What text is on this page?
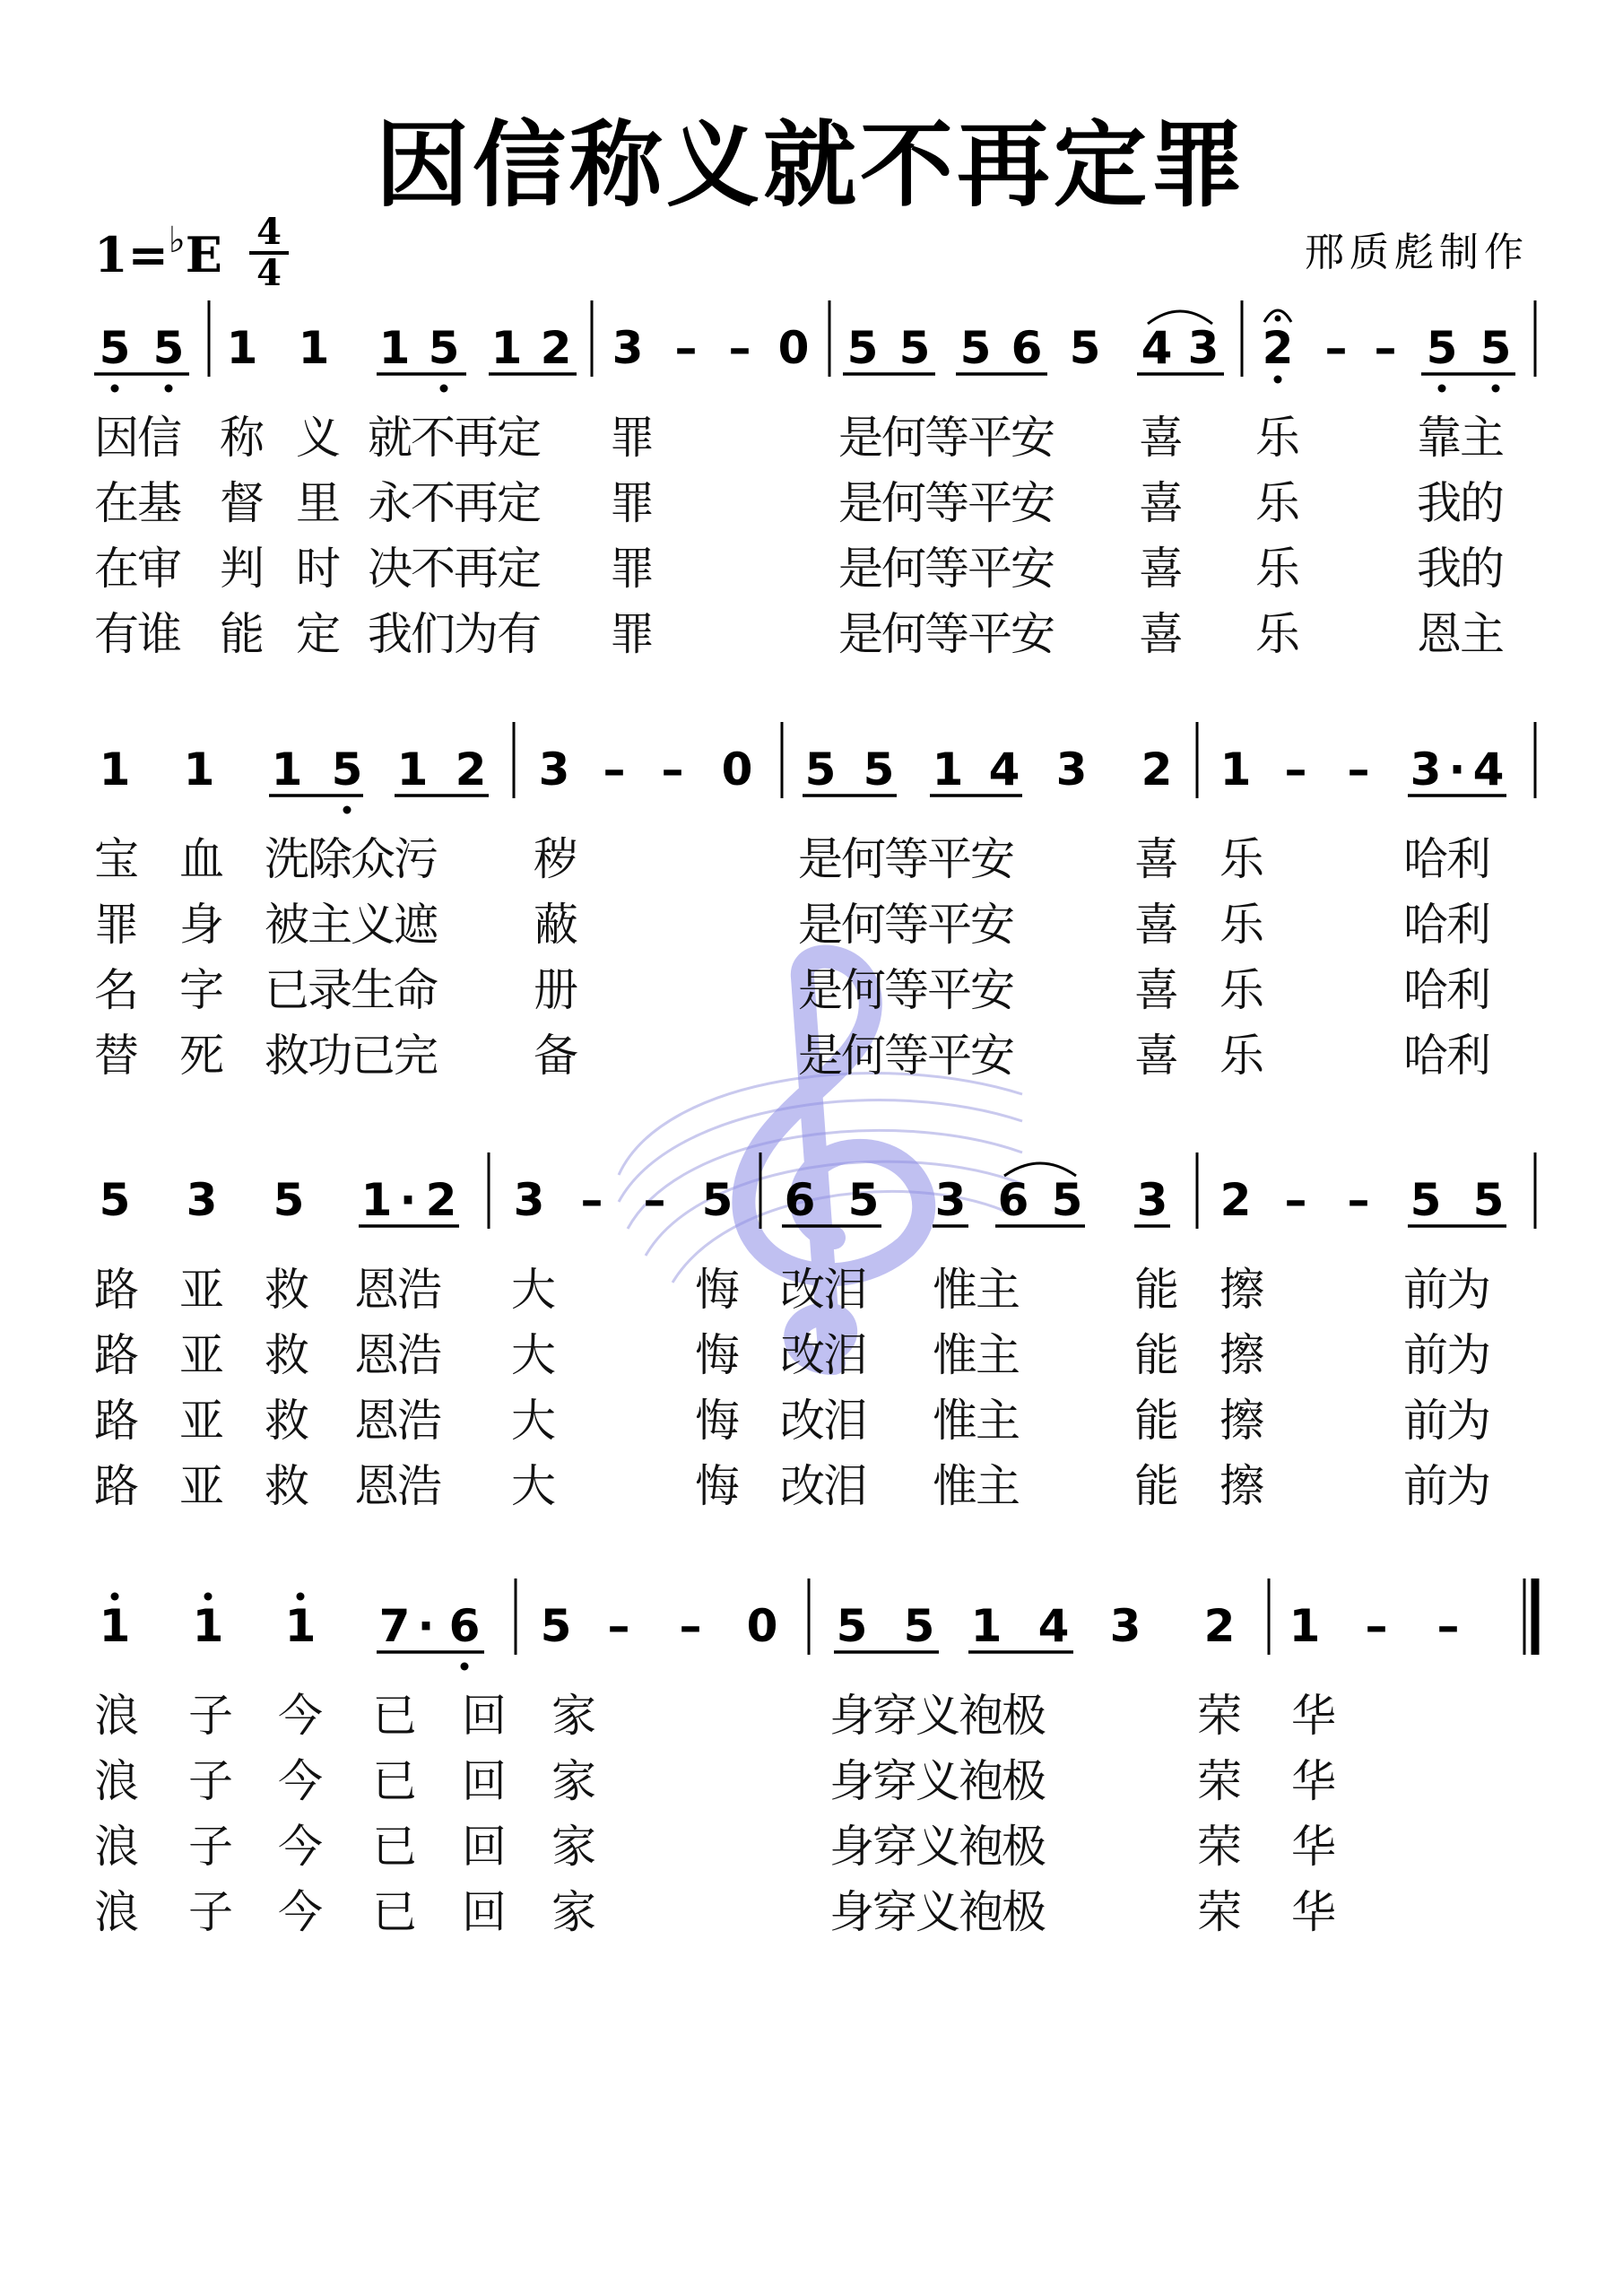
因信称义就不再定罪
1=♭E 4
4	邢质彪制作
5 5 1 1 1 5 1 2 3 – – 0 5 5 5 6 5 4 3 2 – – 5 5
因信 称 义 就不再定 罪	是何等平安 喜 乐	靠主
在基 督 里 永不再定 罪	是何等平安 喜 乐	我的
在审 判 时 决不再定 罪	是何等平安 喜 乐	我的
有谁 能 定 我们为有 罪	是何等平安 喜 乐	恩主
1 1 1 5 1 2 3 – – 0 5 5 1 4 3 2 1 – – 3 · 4
宝 血 洗除众污 秽	是何等平安	喜 乐	哈利
罪 身 被主义遮 蔽	是何等平安	喜 乐	哈利
名 字 已录生命 册	是何等平安	喜 乐	哈利
替 死 救功已完 备	是何等平安	喜 乐	哈利
5 3 5 1 · 2 3 – – 5 6 5 3 6 5 3 2 – – 5 5
路 亚 救 恩浩 大	悔 改泪 惟主	能 擦	前为
路 亚 救 恩浩 大	悔 改泪 惟主	能 擦	前为
路 亚 救 恩浩 大	悔 改泪 惟主	能 擦	前为
路 亚 救 恩浩 大	悔 改泪 惟主	能 擦	前为
1 1 1 7 · 6 5 – – 0 5 5 1 4 3 2 1 – –
浪 子 今 已 回 家	身穿义袍极	荣 华
浪 子 今 已 回 家	身穿义袍极	荣 华
浪 子 今 已 回 家	身穿义袍极	荣 华
浪 子 今 已 回 家	身穿义袍极	荣 华
